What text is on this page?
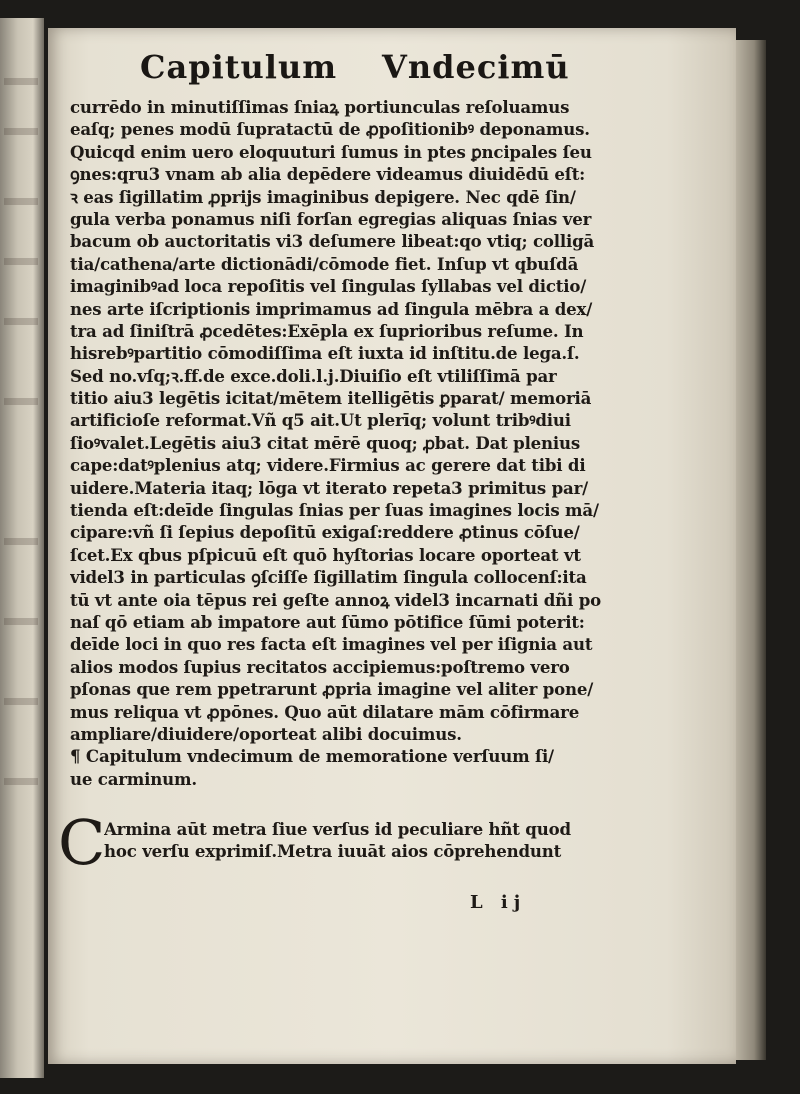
Capitulum Vndecimū
currēdo in minutiſſimas ſniaꝝ portiunculas reſoluamus
eaſq; penes modū ſupratactū de ꝓpoſitionibꝰ deponamus.
Quicqd enim uero eloquuturi ſumus in ptes ꝑncipales ſeu
ꝯnes:qru3 vnam ab alia depēdere videamus diuidēdū eſt:
ꝛ eas ſigillatim ꝓprijs imaginibus depigere. Nec qdē ſin/
gula verba ponamus niſi forſan egregias aliquas ſnias ver
bacum ob auctoritatis vi3 deſumere libeat:qo vtiq; colligā
tia/cathena/arte dictionādi/cōmode fiet. Inſup vt qbuſdā
imaginibꝰad loca repoſitis vel ſingulas ſyllabas vel dictio/
nes arte iſcriptionis imprimamus ad ſingula mēbra a dex/
tra ad ſiniſtrā ꝓcedētes:Exēpla ex ſuprioribus reſume. In
hisrebꝰpartitio cōmodiſſima eſt iuxta id inſtitu.de lega.ſ.
Sed no.vſq;ꝛ.ff.de exce.doli.l.j.Diuiſio eſt vtiliſſimā par
titio aiu3 legētis icitat/mētem itelligētis ꝑparat/ memoriā
artificioſe reformat.Vñ q5 ait.Ut plerīq; volunt tribꝰdiui
ſioꝰvalet.Legētis aiu3 citat mērē quoq; ꝓbat. Dat plenius
cape:datꝰplenius atq; videre.Firmius ac gerere dat tibi di
uidere.Materia itaq; lōga vt iterato repeta3 primitus par/
tienda eſt:deīde ſingulas ſnias per ſuas imagines locis mā/
cipare:vñ ſi ſepius depoſitū exigaſ:reddere ꝓtinus cōſue/
ſcet.Ex qbus pſpicuū eſt quō hyſtorias locare oporteat vt
videl3 in particulas ꝯſciſſe ſigillatim ſingula collocenſ:ita
tū vt ante oia tēpus rei geſte annoꝝ videl3 incarnati dñi po
naſ qō etiam ab impatore aut ſūmo pōtifice ſūmi poterit:
deīde loci in quo res facta eſt imagines vel per iſignia aut
alios modos ſupius recitatos accipiemus:poſtremo vero
pſonas que rem ppetrarunt ꝓpria imagine vel aliter pone/
mus reliqua vt ꝓpōnes. Quo aūt dilatare mām cōfirmare
ampliare/diuidere/oporteat alibi docuimus.
¶ Capitulum vndecimum de memoratione verſuum ſi/
ue carminum.
C
Armina aūt metra ſiue verſus id peculiare hñt quod
hoc verſu exprimiſ.Metra iuuāt aios cōprehendunt
L ij
